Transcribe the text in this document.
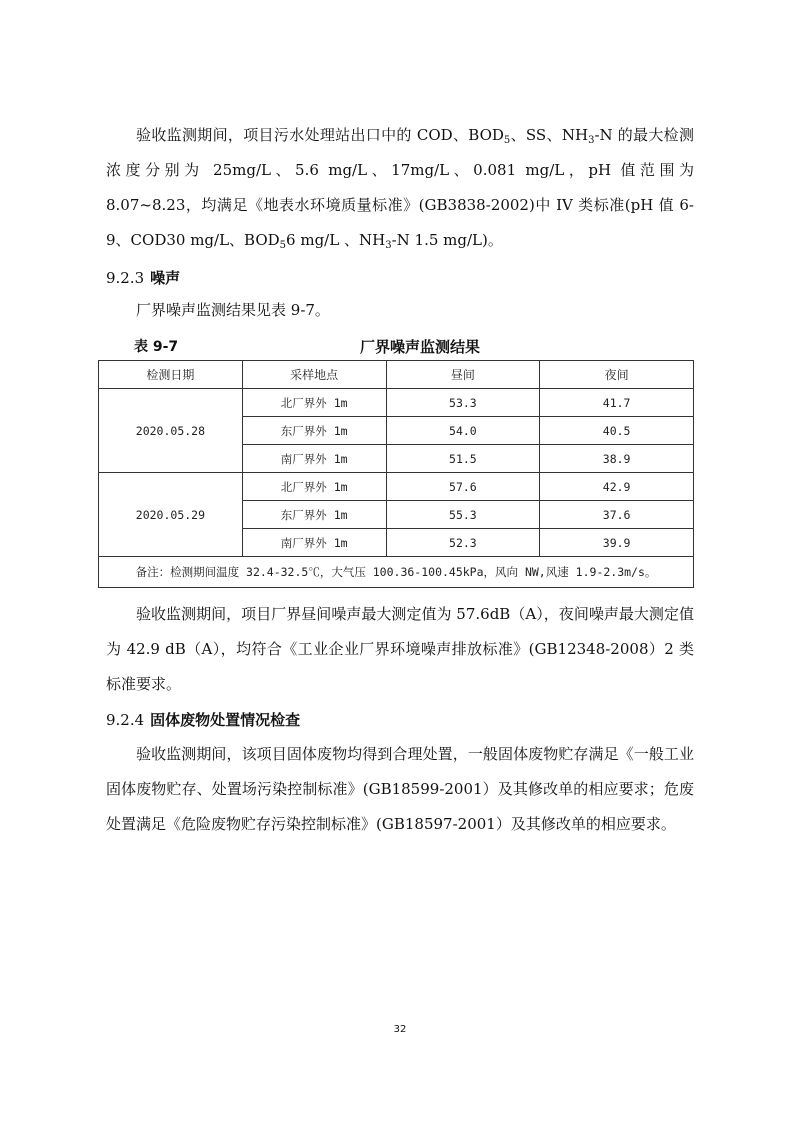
验收监测期间，项目污水处理站出口中的 COD、$BOD_5$、SS、$NH_3-N$ 的最大检测浓度分别为 25mg/L、5.6 mg/L、17mg/L、0.081 mg/L，pH 值范围为 8.07~8.23，均满足《地表水环境质量标准》(GB3838-2002)中 IV 类标准(pH 值 6-9、COD30 mg/L、$BOD_56$ mg/L 、$NH_3-N$ 1.5 mg/L)。

9.2.3 噪声

厂界噪声监测结果见表 9-7。

表 9-7	厂界噪声监测结果
检测日期	采样地点	昼间	夜间
2020.05.28	北厂界外 1m	53.3	41.7
	东厂界外 1m	54.0	40.5
	南厂界外 1m	51.5	38.9
2020.05.29	北厂界外 1m	57.6	42.9
	东厂界外 1m	55.3	37.6
	南厂界外 1m	52.3	39.9
备注：检测期间温度 32.4-32.5℃，大气压 100.36-100.45kPa，风向 NW,风速 1.9-2.3m/s。			

验收监测期间，项目厂界昼间噪声最大测定值为 57.6dB（A），夜间噪声最大测定值为 42.9 dB（A），均符合《工业企业厂界环境噪声排放标准》(GB12348-2008）2 类标准要求。

9.2.4 固体废物处置情况检查

验收监测期间，该项目固体废物均得到合理处置，一般固体废物贮存满足《一般工业固体废物贮存、处置场污染控制标准》(GB18599-2001）及其修改单的相应要求；危废处置满足《危险废物贮存污染控制标准》(GB18597-2001）及其修改单的相应要求。

32
